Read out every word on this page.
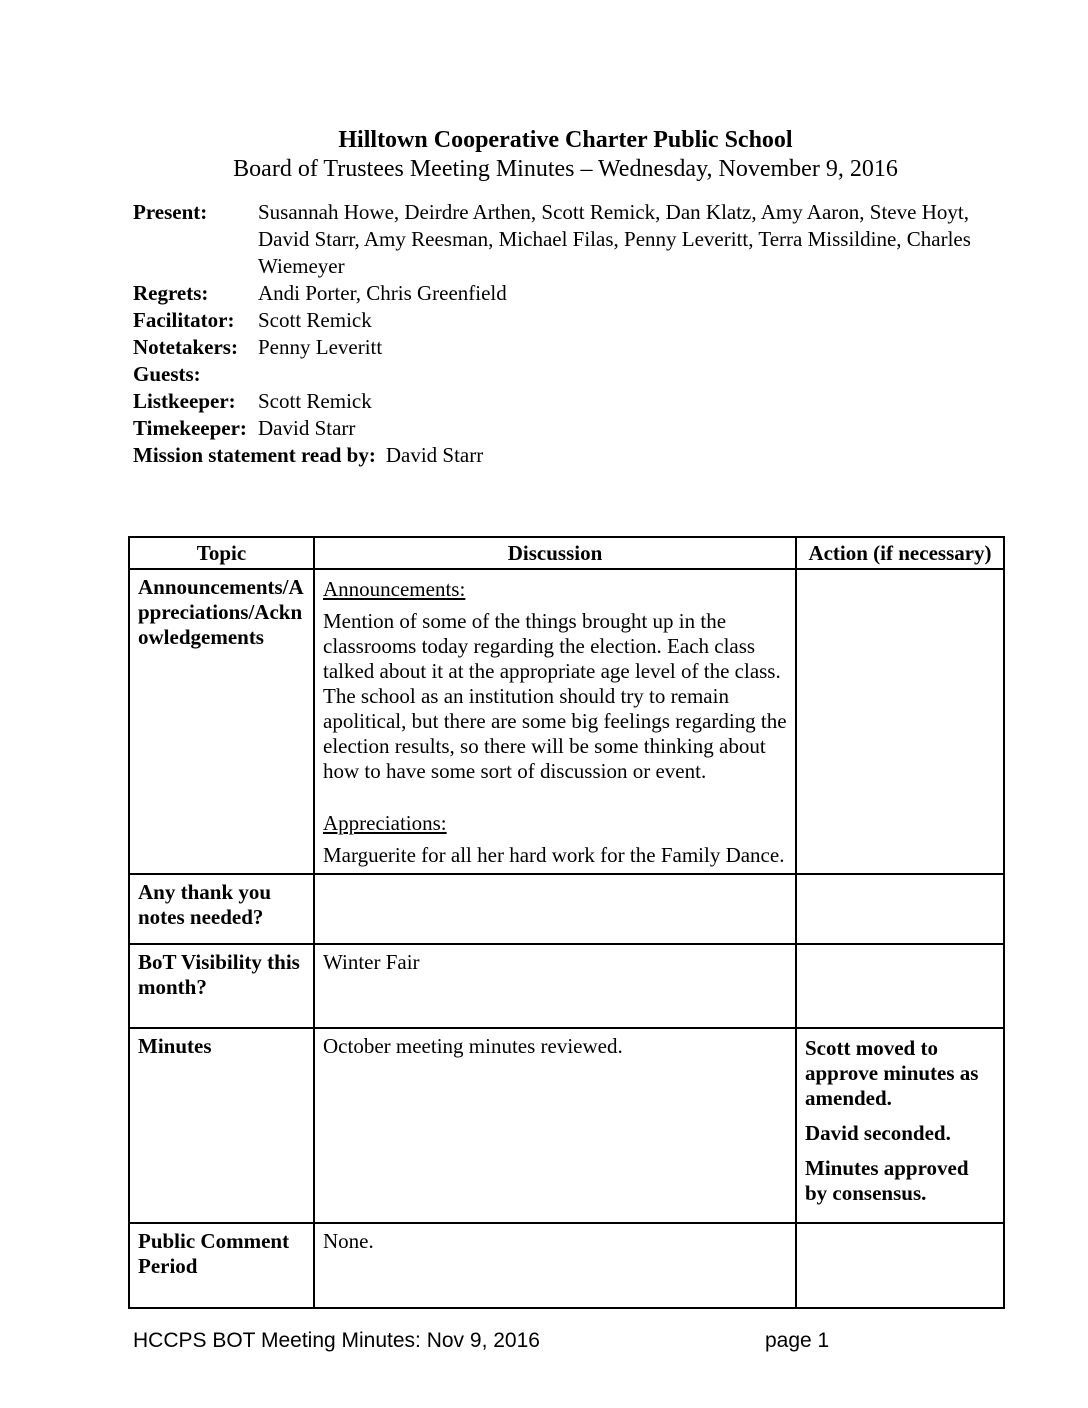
Hilltown Cooperative Charter Public School
Board of Trustees Meeting Minutes – Wednesday, November 9, 2016
Present:	Susannah Howe, Deirdre Arthen, Scott Remick, Dan Klatz, Amy Aaron, Steve Hoyt, David Starr, Amy Reesman, Michael Filas, Penny Leveritt, Terra Missildine, Charles Wiemeyer
Regrets:	Andi Porter, Chris Greenfield
Facilitator:	Scott Remick
Notetakers: Penny Leveritt
Guests:
Listkeeper:	Scott Remick
Timekeeper: David Starr
Mission statement read by: David Starr
Topic	Discussion	Action (if necessary)
Announcements/Appreciations/Acknowledgements	Announcements:

Mention of some of the things brought up in the classrooms today regarding the election. Each class talked about it at the appropriate age level of the class. The school as an institution should try to remain apolitical, but there are some big feelings regarding the election results, so there will be some thinking about how to have some sort of discussion or event.

Appreciations:

Marguerite for all her hard work for the Family Dance.	

Any thank you notes needed?		
BoT Visibility this month?	Winter Fair	
Minutes	October meeting minutes reviewed.	Scott moved to approve minutes as amended.

David seconded.

Minutes approved by consensus.

Public Comment Period	None.	
HCCPS BOT Meeting Minutes: Nov 9, 2016	page 1
